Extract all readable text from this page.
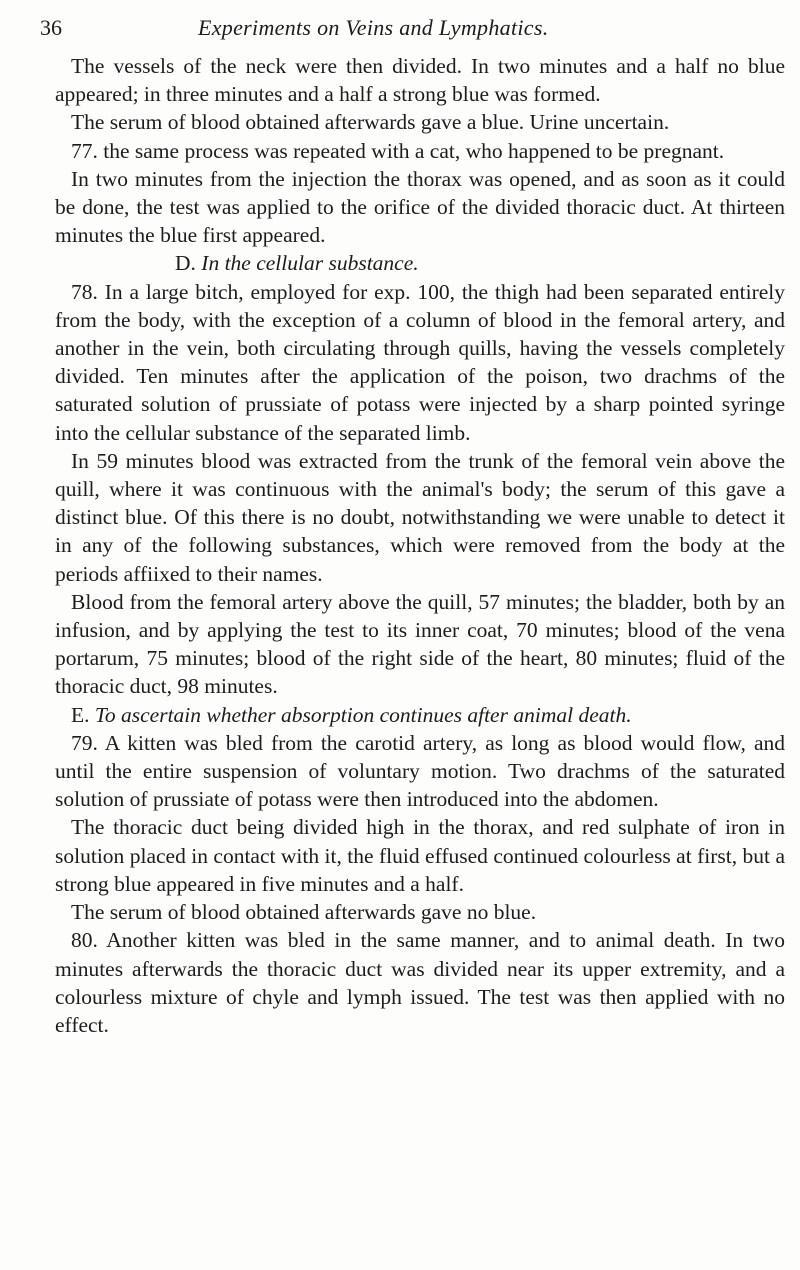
36	Experiments on Veins and Lymphatics.

The vessels of the neck were then divided. In two minutes and a half no blue appeared; in three minutes and a half a strong blue was formed.

The serum of blood obtained afterwards gave a blue. Urine uncertain.

77. the same process was repeated with a cat, who happened to be pregnant.

In two minutes from the injection the thorax was opened, and as soon as it could be done, the test was applied to the orifice of the divided thoracic duct. At thirteen minutes the blue first appeared.

D. In the cellular substance.

78. In a large bitch, employed for exp. 100, the thigh had been separated entirely from the body, with the exception of a column of blood in the femoral artery, and another in the vein, both circulating through quills, having the vessels completely divided. Ten minutes after the application of the poison, two drachms of the saturated solution of prussiate of potass were injected by a sharp pointed syringe into the cellular substance of the separated limb.

In 59 minutes blood was extracted from the trunk of the femoral vein above the quill, where it was continuous with the animal's body; the serum of this gave a distinct blue. Of this there is no doubt, notwithstanding we were unable to detect it in any of the following substances, which were removed from the body at the periods affiixed to their names.

Blood from the femoral artery above the quill, 57 minutes; the bladder, both by an infusion, and by applying the test to its inner coat, 70 minutes; blood of the vena portarum, 75 minutes; blood of the right side of the heart, 80 minutes; fluid of the thoracic duct, 98 minutes.

E. To ascertain whether absorption continues after animal death.

79. A kitten was bled from the carotid artery, as long as blood would flow, and until the entire suspension of voluntary motion. Two drachms of the saturated solution of prussiate of potass were then introduced into the abdomen.

The thoracic duct being divided high in the thorax, and red sulphate of iron in solution placed in contact with it, the fluid effused continued colourless at first, but a strong blue appeared in five minutes and a half.

The serum of blood obtained afterwards gave no blue.

80. Another kitten was bled in the same manner, and to animal death. In two minutes afterwards the thoracic duct was divided near its upper extremity, and a colourless mixture of chyle and lymph issued. The test was then applied with no effect.
